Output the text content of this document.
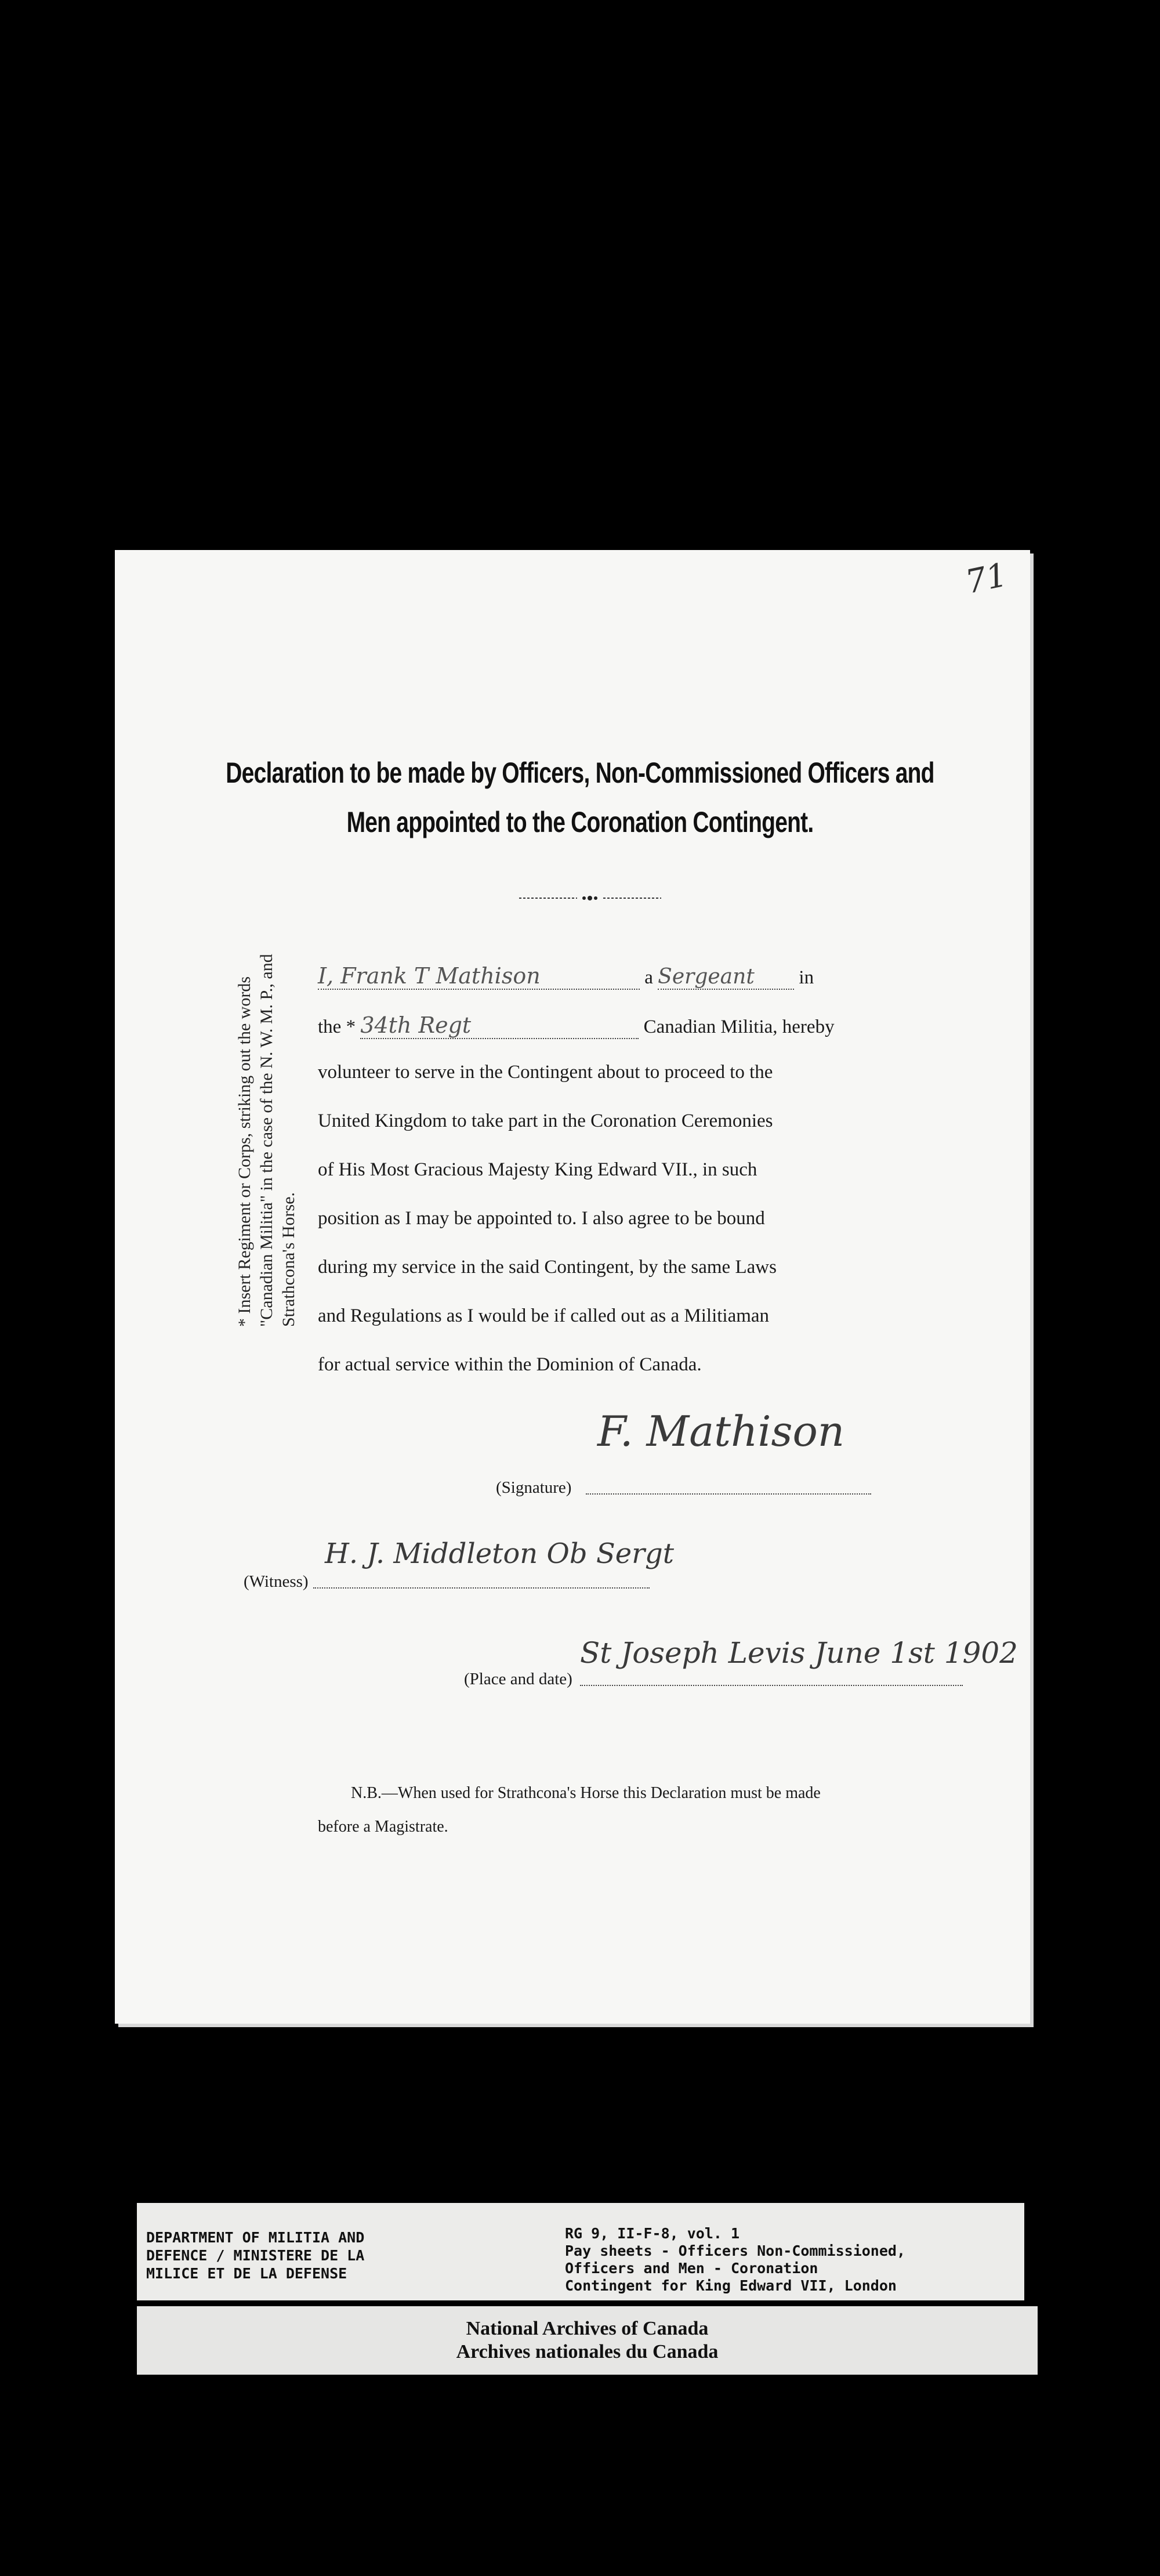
71
Declaration to be made by Officers, Non-Commissioned Officers and
Men appointed to the Coronation Contingent.
* Insert Regiment or Corps, striking out the words "Canadian Militia" in the case of the N. W. M. P., and Strathcona's Horse.
I, Frank T Mathison	a Sergeant in
the * 34th Regt	Canadian Militia, hereby
volunteer to serve in the Contingent about to proceed to the
United Kingdom to take part in the Coronation Ceremonies
of His Most Gracious Majesty King Edward VII., in such
position as I may be appointed to. I also agree to be bound
during my service in the said Contingent, by the same Laws
and Regulations as I would be if called out as a Militiaman
for actual service within the Dominion of Canada.
(Signature)
F. Mathison
(Witness)
H. J. Middleton Ob Sergt
(Place and date)
St Joseph Levis June 1st 1902
N.B.—When used for Strathcona's Horse this Declaration must be made
before a Magistrate.
DEPARTMENT OF MILITIA AND
DEFENCE / MINISTERE DE LA
MILICE ET DE LA DEFENSE
RG 9, II-F-8, vol. 1
Pay sheets - Officers Non-Commissioned,
Officers and Men - Coronation
Contingent for King Edward VII, London
National Archives of Canada
Archives nationales du Canada
